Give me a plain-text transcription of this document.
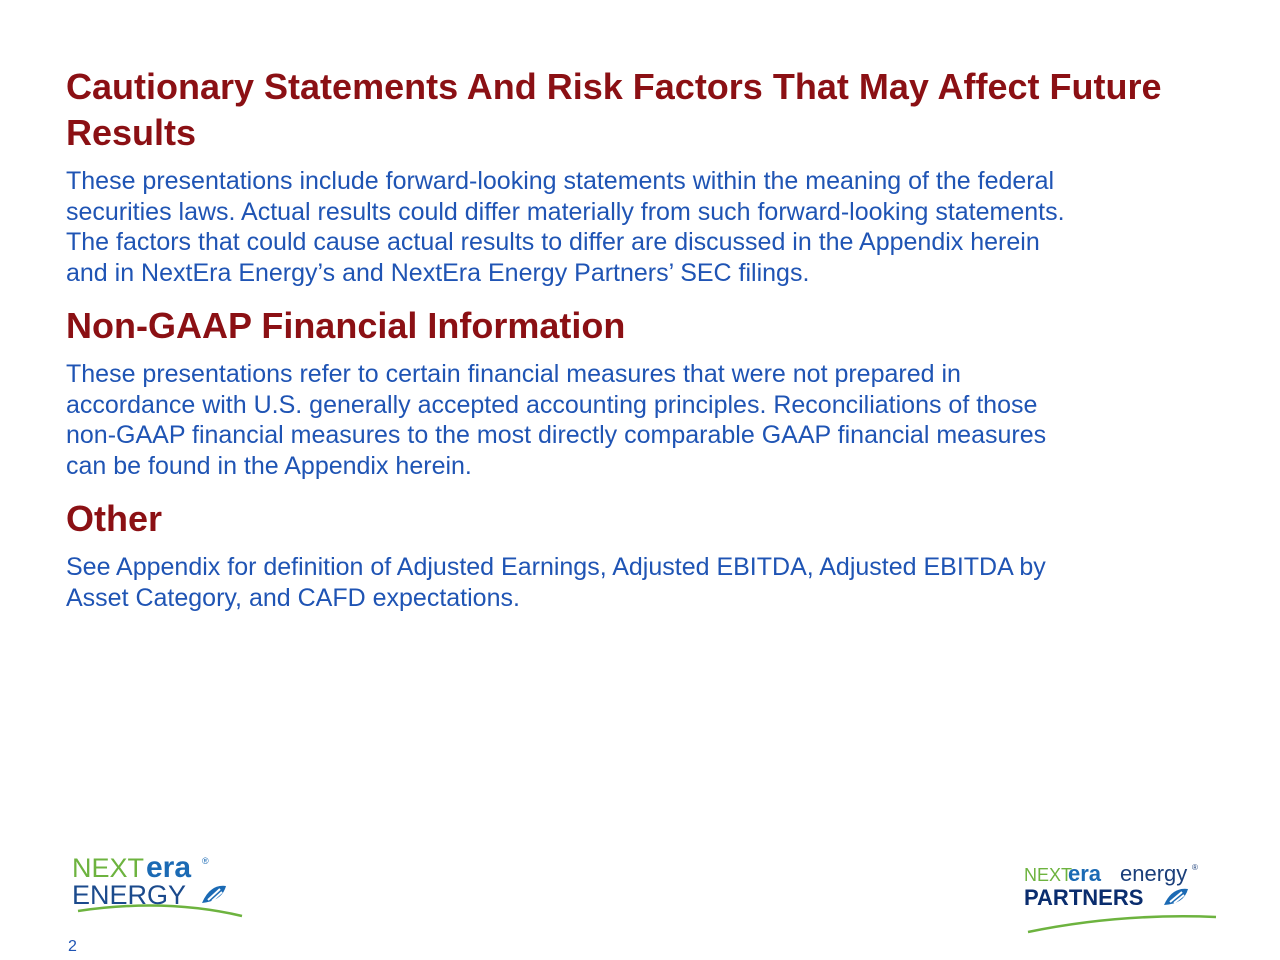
Cautionary Statements And Risk Factors That May Affect Future Results
These presentations include forward-looking statements within the meaning of the federal
securities laws. Actual results could differ materially from such forward-looking statements.
The factors that could cause actual results to differ are discussed in the Appendix herein
and in NextEra Energy’s and NextEra Energy Partners’ SEC filings.
Non-GAAP Financial Information
These presentations refer to certain financial measures that were not prepared in
accordance with U.S. generally accepted accounting principles. Reconciliations of those
non-GAAP financial measures to the most directly comparable GAAP financial measures
can be found in the Appendix herein.
Other
See Appendix for definition of Adjusted Earnings, Adjusted EBITDA, Adjusted EBITDA by
Asset Category, and CAFD expectations.
NEXT era ®
ENERGY
NEXT
era energy ®
PARTNERS
2
